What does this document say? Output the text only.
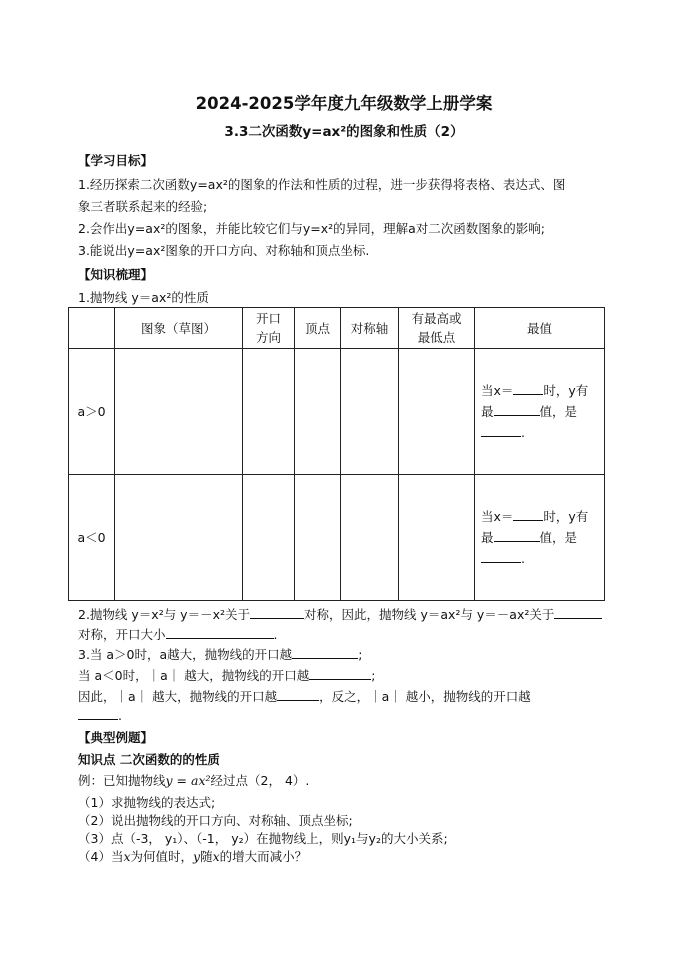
2024-2025学年度九年级数学上册学案
3.3二次函数y=ax²的图象和性质（2）
【学习目标】
1.经历探索二次函数y=ax²的图象的作法和性质的过程，进一步获得将表格、表达式、图
象三者联系起来的经验;
2.会作出y=ax²的图象，并能比较它们与y=x²的异同，理解a对二次函数图象的影响;
3.能说出y=ax²图象的开口方向、对称轴和顶点坐标.
【知识梳理】
1.抛物线 y＝ax²的性质
	图象（草图）	开口
方向	顶点	对称轴	有最高或
最低点	最值
a＞0						当x＝ 时，y有
最 值，是
.
a＜0						当x＝ 时，y有
最 值，是
.
2.抛物线 y＝x²与 y＝－x²关于	对称，因此，抛物线 y＝ax²与 y＝－ax²关于
对称，开口大小	.
3.当 a＞0时，a越大，抛物线的开口越	;
当 a＜0时，｜a｜ 越大，抛物线的开口越	;
因此，｜a｜ 越大，抛物线的开口越	，反之，｜a｜ 越小，抛物线的开口越
.
【典型例题】
知识点 二次函数的的性质
例：已知抛物线y = ax²经过点（2， 4）.
（1）求抛物线的表达式;
（2）说出抛物线的开口方向、对称轴、顶点坐标;
（3）点（-3， y₁）、（-1， y₂）在抛物线上，则y₁与y₂的大小关系;
（4）当x为何值时，y随x的增大而减小？
